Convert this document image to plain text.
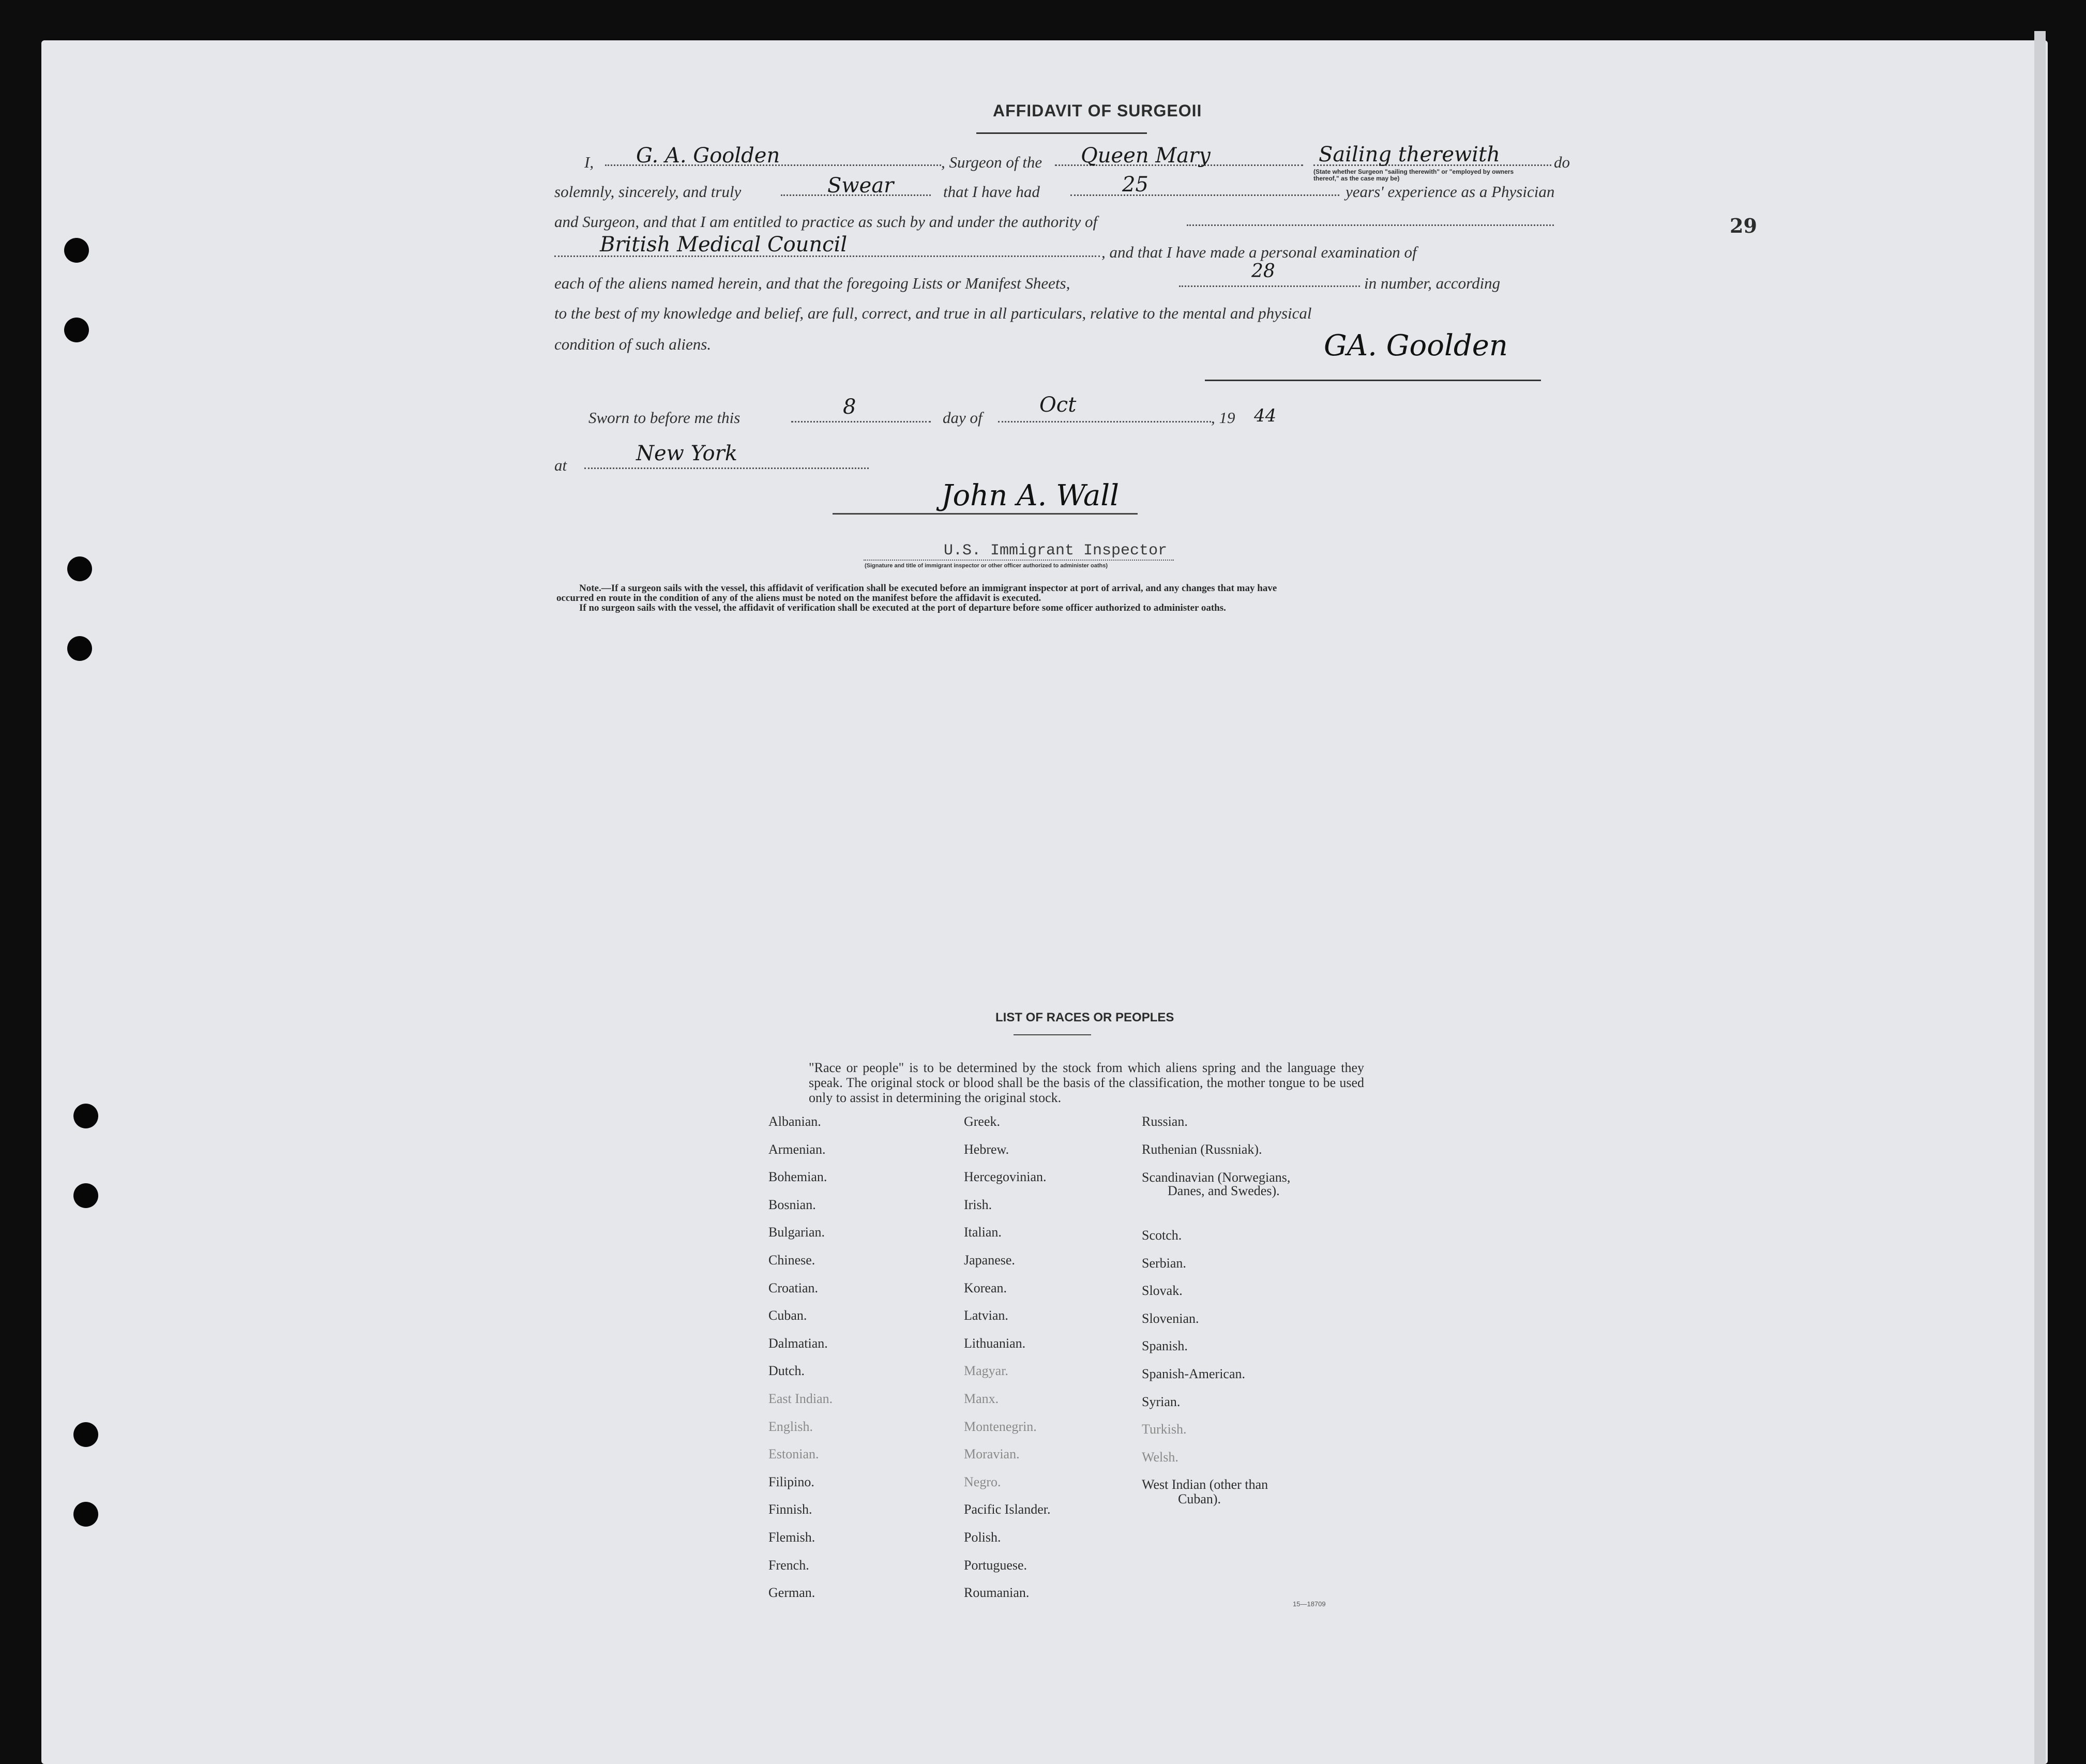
AFFIDAVIT OF SURGEOII
29
I, G. A. Goolden	, Surgeon of the Queen Mary	Sailing therewith
(State whether Surgeon "sailing therewith" or "employed by owners thereof," as the case may be)
do
solemnly, sincerely, and truly	Swear	that I have had	25	years' experience as a Physician
and Surgeon, and that I am entitled to practice as such by and under the authority of
British Medical Council	, and that I have made a personal examination of
each of the aliens named herein, and that the foregoing Lists or Manifest Sheets,
28
in number, according
to the best of my knowledge and belief, are full, correct, and true in all particulars, relative to the mental and physical
condition of such aliens.	GA. Goolden
Sworn to before me this	8	day of
Oct
, 19 44
at	New York
John A. Wall
U.S. Immigrant Inspector
(Signature and title of immigrant inspector or other officer authorized to administer oaths)
Note.—If a surgeon sails with the vessel, this affidavit of verification shall be executed before an immigrant inspector at port of arrival, and any changes that may have
occurred en route in the condition of any of the aliens must be noted on the manifest before the affidavit is executed.
If no surgeon sails with the vessel, the affidavit of verification shall be executed at the port of departure before some officer authorized to administer oaths.
LIST OF RACES OR PEOPLES
"Race or people" is to be determined by the stock from which aliens spring and the language they speak. The original stock or blood shall be the basis of the classification, the mother tongue to be used only to assist in determining the original stock.
Albanian.
Armenian.
Bohemian.
Bosnian.
Bulgarian.
Chinese.
Croatian.
Cuban.
Dalmatian.
Dutch.
East Indian.
English.
Estonian.
Filipino.
Finnish.
Flemish.
French.
German.
Greek.
Hebrew.
Hercegovinian.
Irish.
Italian.
Japanese.
Korean.
Latvian.
Lithuanian.
Magyar.
Manx.
Montenegrin.
Moravian.
Negro.
Pacific Islander.
Polish.
Portuguese.
Roumanian.
Russian.
Ruthenian (Russniak).
Scandinavian (Norwegians,
Danes, and Swedes).
Scotch.
Serbian.
Slovak.
Slovenian.
Spanish.
Spanish-American.
Syrian.
Turkish.
Welsh.
West Indian (other than
Cuban).
15—18709
